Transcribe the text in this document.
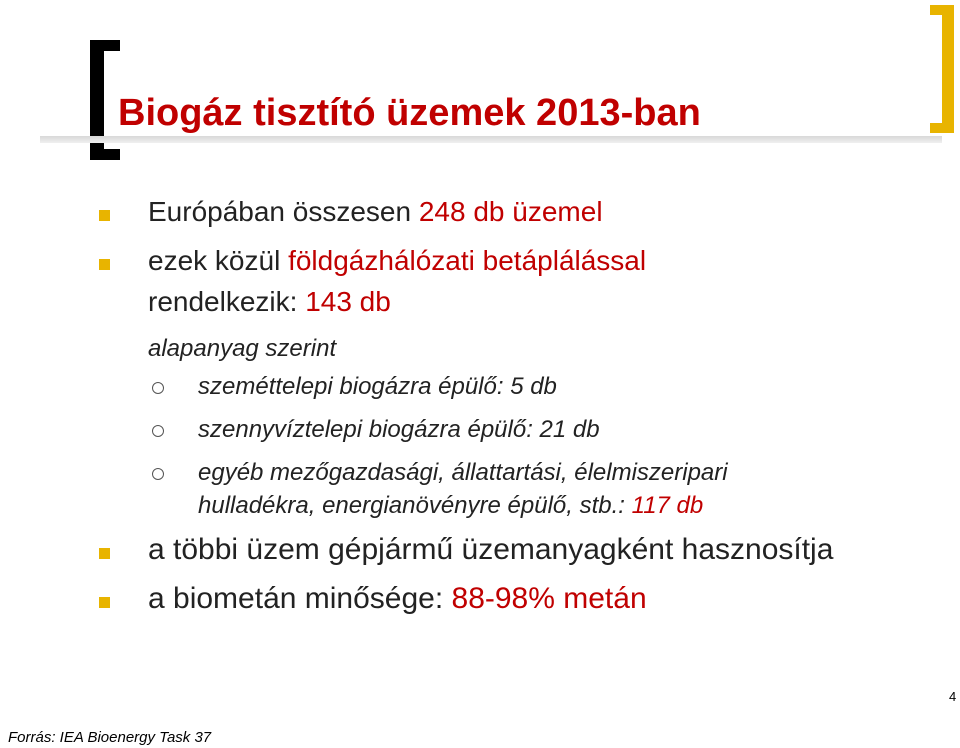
Biogáz tisztító üzemek 2013-ban
Európában összesen 248 db üzemel
ezek közül földgázhálózati betáplálással
rendelkezik: 143 db
alapanyag szerint
szeméttelepi biogázra épülő: 5 db
szennyvíztelepi biogázra épülő: 21 db
egyéb mezőgazdasági, állattartási, élelmiszeripari
hulladékra, energianövényre épülő, stb.: 117 db
a többi üzem gépjármű üzemanyagként hasznosítja
a biometán minősége: 88-98% metán
4
Forrás: IEA Bioenergy Task 37
